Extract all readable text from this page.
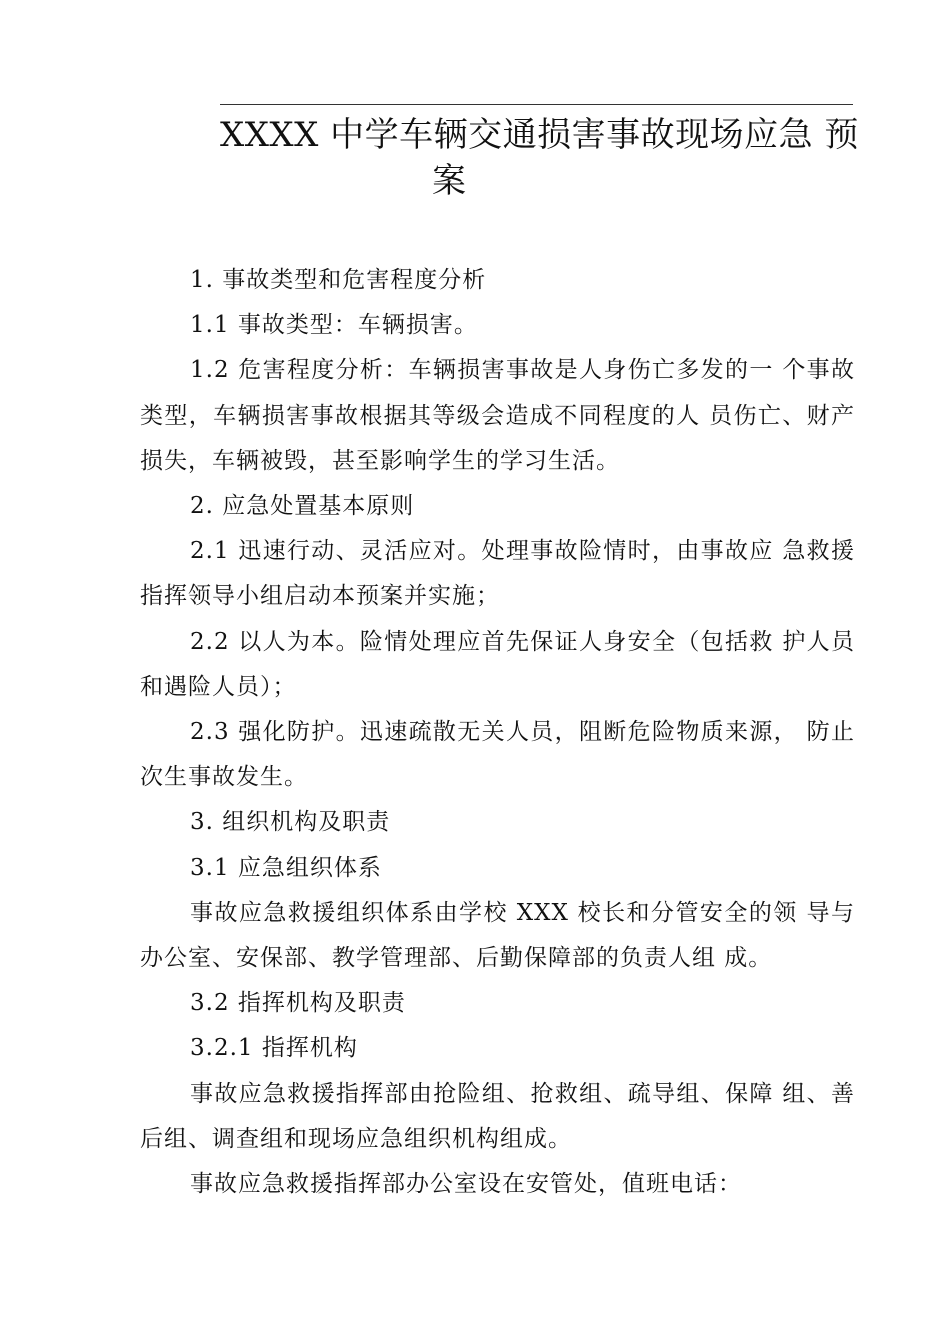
XXXX 中学车辆交通损害事故现场应急 预
案

1. 事故类型和危害程度分析

1.1 事故类型：车辆损害。

1.2 危害程度分析：车辆损害事故是人身伤亡多发的一 个事故类型，车辆损害事故根据其等级会造成不同程度的人 员伤亡、财产损失，车辆被毁，甚至影响学生的学习生活。

2. 应急处置基本原则

2.1 迅速行动、灵活应对。处理事故险情时，由事故应 急救援指挥领导小组启动本预案并实施；

2.2 以人为本。险情处理应首先保证人身安全（包括救 护人员和遇险人员）；

2.3 强化防护。迅速疏散无关人员，阻断危险物质来源， 防止次生事故发生。

3. 组织机构及职责

3.1 应急组织体系

事故应急救援组织体系由学校 XXX 校长和分管安全的领 导与办公室、安保部、教学管理部、后勤保障部的负责人组 成。

3.2 指挥机构及职责

3.2.1 指挥机构

事故应急救援指挥部由抢险组、抢救组、疏导组、保障 组、善后组、调查组和现场应急组织机构组成。

事故应急救援指挥部办公室设在安管处，值班电话：
